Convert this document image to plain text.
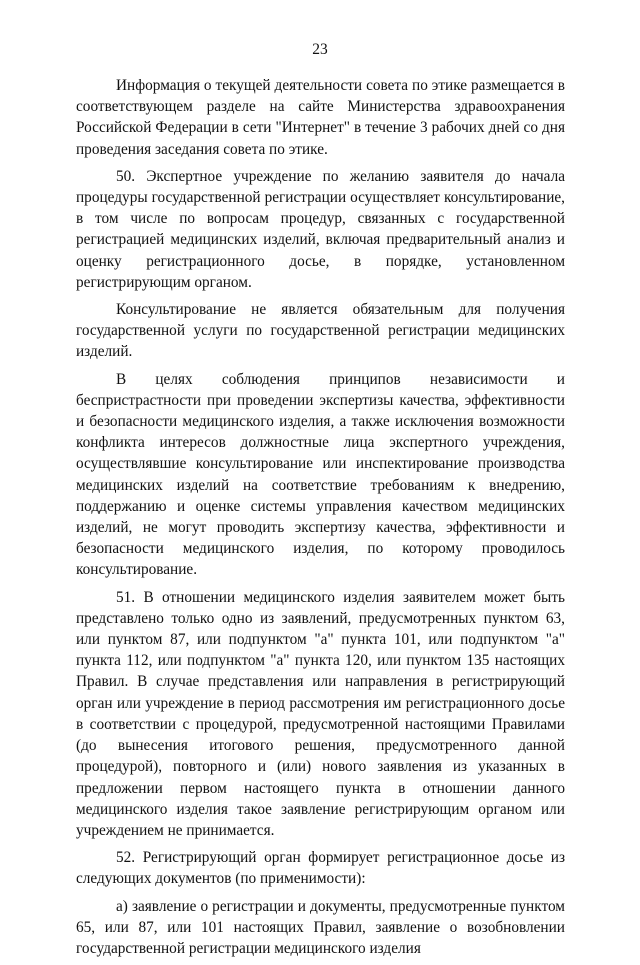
23

Информация о текущей деятельности совета по этике размещается в соответствующем разделе на сайте Министерства здравоохранения Российской Федерации в сети "Интернет" в течение 3 рабочих дней со дня проведения заседания совета по этике.

50. Экспертное учреждение по желанию заявителя до начала процедуры государственной регистрации осуществляет консультирование, в том числе по вопросам процедур, связанных с государственной регистрацией медицинских изделий, включая предварительный анализ и оценку регистрационного досье, в порядке, установленном регистрирующим органом.

Консультирование не является обязательным для получения государственной услуги по государственной регистрации медицинских изделий.

В целях соблюдения принципов независимости и беспристрастности при проведении экспертизы качества, эффективности и безопасности медицинского изделия, а также исключения возможности конфликта интересов должностные лица экспертного учреждения, осуществлявшие консультирование или инспектирование производства медицинских изделий на соответствие требованиям к внедрению, поддержанию и оценке системы управления качеством медицинских изделий, не могут проводить экспертизу качества, эффективности и безопасности медицинского изделия, по которому проводилось консультирование.

51. В отношении медицинского изделия заявителем может быть представлено только одно из заявлений, предусмотренных пунктом 63, или пунктом 87, или подпунктом "а" пункта 101, или подпунктом "а" пункта 112, или подпунктом "а" пункта 120, или пунктом 135 настоящих Правил. В случае представления или направления в регистрирующий орган или учреждение в период рассмотрения им регистрационного досье в соответствии с процедурой, предусмотренной настоящими Правилами (до вынесения итогового решения, предусмотренного данной процедурой), повторного и (или) нового заявления из указанных в предложении первом настоящего пункта в отношении данного медицинского изделия такое заявление регистрирующим органом или учреждением не принимается.

52. Регистрирующий орган формирует регистрационное досье из следующих документов (по применимости):

а) заявление о регистрации и документы, предусмотренные пунктом 65, или 87, или 101 настоящих Правил, заявление о возобновлении государственной регистрации медицинского изделия
